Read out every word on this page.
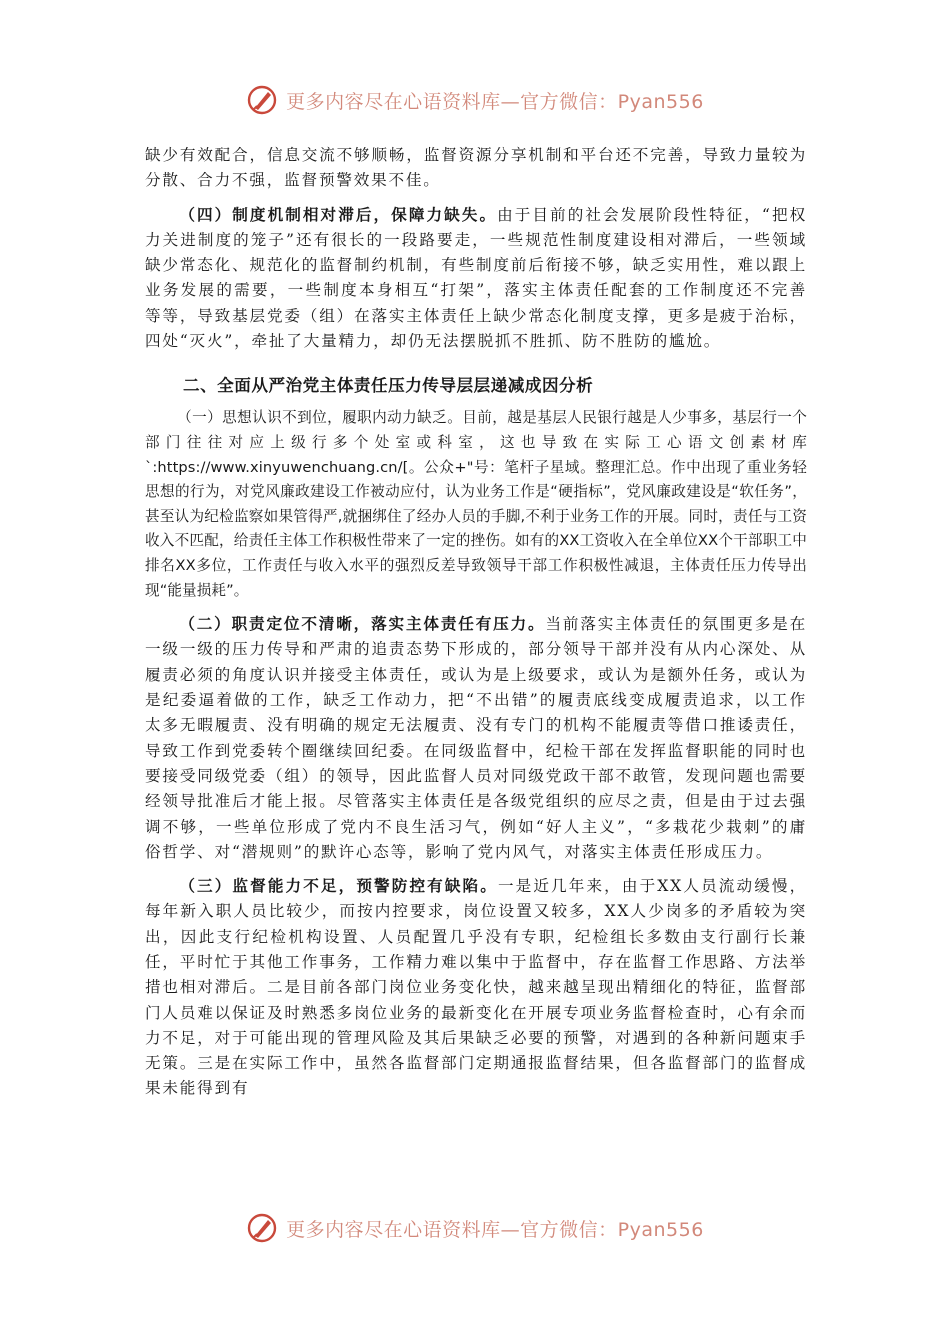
更多内容尽在心语资料库—官方微信：Pyan556

缺少有效配合，信息交流不够顺畅，监督资源分享机制和平台还不完善，导致力量较为分散、合力不强，监督预警效果不佳。

（四）制度机制相对滞后，保障力缺失。由于目前的社会发展阶段性特征，“把权力关进制度的笼子”还有很长的一段路要走，一些规范性制度建设相对滞后，一些领域缺少常态化、规范化的监督制约机制，有些制度前后衔接不够，缺乏实用性，难以跟上业务发展的需要，一些制度本身相互“打架”，落实主体责任配套的工作制度还不完善等等，导致基层党委（组）在落实主体责任上缺少常态化制度支撑，更多是疲于治标，四处“灭火”，牵扯了大量精力，却仍无法摆脱抓不胜抓、防不胜防的尴尬。

二、全面从严治党主体责任压力传导层层递减成因分析

（一）思想认识不到位，履职内动力缺乏。目前，越是基层人民银行越是人少事多，基层行一个部门往往对应上级行多个处室或科室，这也导致在实际工心语文创素材库`:https://www.xinyuwenchuang.cn/[。公众+"号：笔杆子星域。整理汇总。作中出现了重业务轻思想的行为，对党风廉政建设工作被动应付，认为业务工作是“硬指标”，党风廉政建设是“软任务”，甚至认为纪检监察如果管得严,就捆绑住了经办人员的手脚,不利于业务工作的开展。同时，责任与工资收入不匹配，给责任主体工作积极性带来了一定的挫伤。如有的XX工资收入在全单位XX个干部职工中排名XX多位，工作责任与收入水平的强烈反差导致领导干部工作积极性减退，主体责任压力传导出现“能量损耗”。

（二）职责定位不清晰，落实主体责任有压力。当前落实主体责任的氛围更多是在一级一级的压力传导和严肃的追责态势下形成的，部分领导干部并没有从内心深处、从履责必须的角度认识并接受主体责任，或认为是上级要求，或认为是额外任务，或认为是纪委逼着做的工作，缺乏工作动力，把“不出错”的履责底线变成履责追求，以工作太多无暇履责、没有明确的规定无法履责、没有专门的机构不能履责等借口推诿责任，导致工作到党委转个圈继续回纪委。在同级监督中，纪检干部在发挥监督职能的同时也要接受同级党委（组）的领导，因此监督人员对同级党政干部不敢管，发现问题也需要经领导批准后才能上报。尽管落实主体责任是各级党组织的应尽之责，但是由于过去强调不够，一些单位形成了党内不良生活习气，例如“好人主义”，“多栽花少栽刺”的庸俗哲学、对“潜规则”的默许心态等，影响了党内风气，对落实主体责任形成压力。

（三）监督能力不足，预警防控有缺陷。一是近几年来，由于XX人员流动缓慢，每年新入职人员比较少，而按内控要求，岗位设置又较多，XX人少岗多的矛盾较为突出，因此支行纪检机构设置、人员配置几乎没有专职，纪检组长多数由支行副行长兼任，平时忙于其他工作事务，工作精力难以集中于监督中，存在监督工作思路、方法举措也相对滞后。二是目前各部门岗位业务变化快，越来越呈现出精细化的特征，监督部门人员难以保证及时熟悉多岗位业务的最新变化在开展专项业务监督检查时，心有余而力不足，对于可能出现的管理风险及其后果缺乏必要的预警，对遇到的各种新问题束手无策。三是在实际工作中，虽然各监督部门定期通报监督结果，但各监督部门的监督成果未能得到有

更多内容尽在心语资料库—官方微信：Pyan556
